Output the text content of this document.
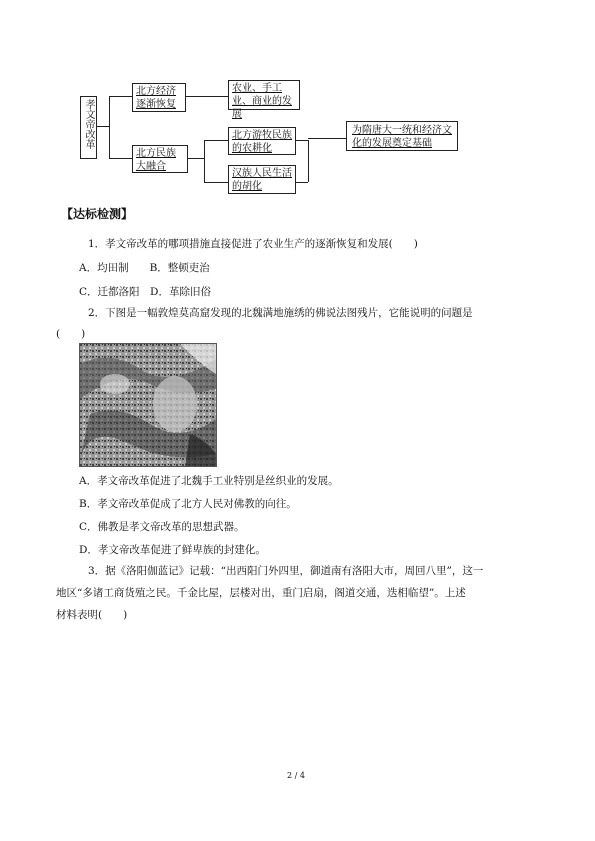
孝文帝改革
北方经济逐渐恢复
北方民族大融合
农业、手工业、商业的发展
北方游牧民族的农耕化
汉族人民生活的胡化
为隋唐大一统和经济文化的发展奠定基础
【达标检测】
1．孝文帝改革的哪项措施直接促进了农业生产的逐渐恢复和发展(　　)
A．均田制　　B．整顿吏治
C．迁都洛阳　D．革除旧俗
2．下图是一幅敦煌莫高窟发现的北魏满地施绣的佛说法图残片，它能说明的问题是
(　　)
A．孝文帝改革促进了北魏手工业特别是丝织业的发展。
B．孝文帝改革促成了北方人民对佛教的向往。
C．佛教是孝文帝改革的思想武器。
D．孝文帝改革促进了鲜卑族的封建化。
3．据《洛阳伽蓝记》记载：“出西阳门外四里，御道南有洛阳大市，周回八里”，这一
地区“多诸工商货殖之民。千金比屋，层楼对出，重门启扇，阁道交通，迭相临望”。上述
材料表明(　　)
2 / 4
